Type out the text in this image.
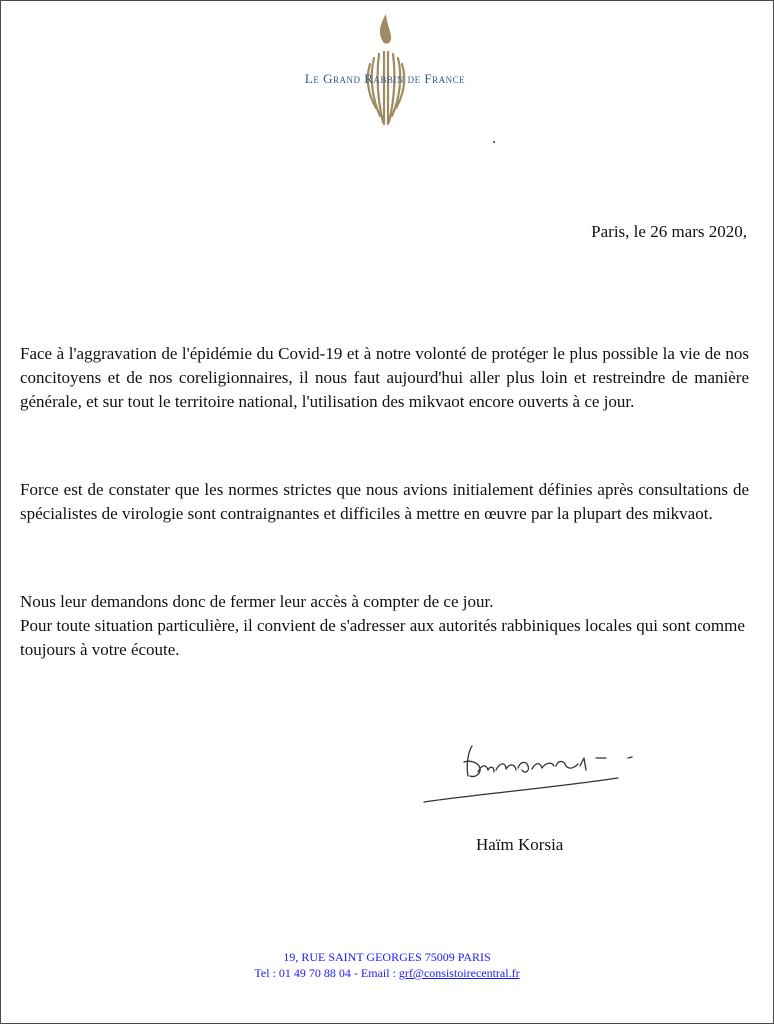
Le Grand Rabbin de France
Paris, le 26 mars 2020,

Face à l'aggravation de l'épidémie du Covid-19 et à notre volonté de protéger le plus possible la vie de nos concitoyens et de nos coreligionnaires, il nous faut aujourd'hui aller plus loin et restreindre de manière générale, et sur tout le territoire national, l'utilisation des mikvaot encore ouverts à ce jour.

Force est de constater que les normes strictes que nous avions initialement définies après consultations de spécialistes de virologie sont contraignantes et difficiles à mettre en œuvre par la plupart des mikvaot.

Nous leur demandons donc de fermer leur accès à compter de ce jour.
Pour toute situation particulière, il convient de s'adresser aux autorités rabbiniques locales qui sont comme toujours à votre écoute.

Haïm Korsia
19, RUE SAINT GEORGES 75009 PARIS
Tel : 01 49 70 88 04 - Email : grf@consistoirecentral.fr
